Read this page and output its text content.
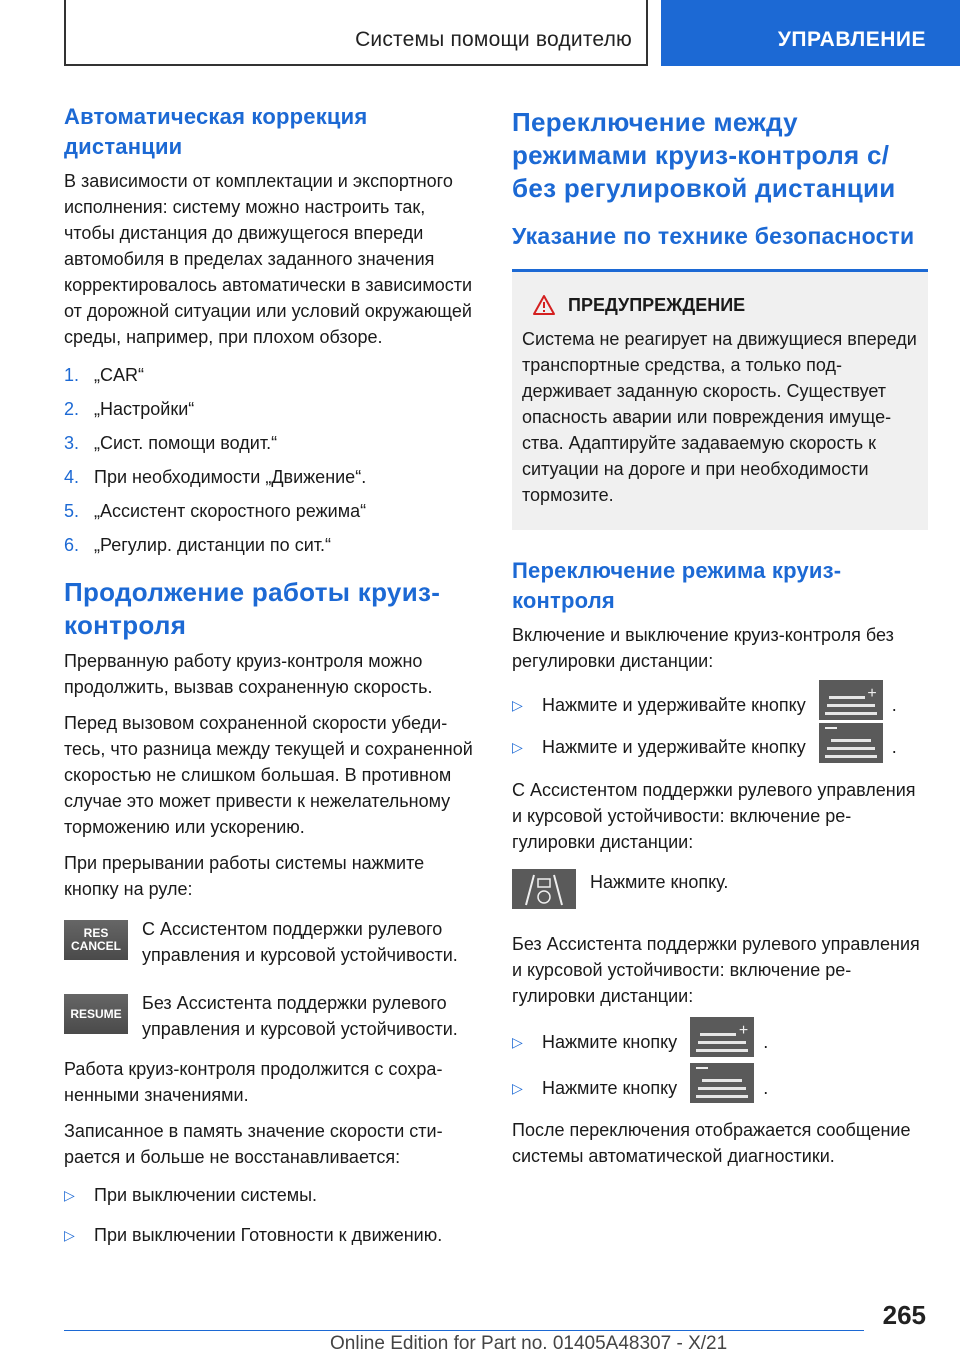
Системы помощи водителю	УПРАВЛЕНИЕ
Автоматическая коррекция дистанции
В зависимости от комплектации и экспортного исполнения: систему можно настроить так, чтобы дистанция до движущегося впереди автомобиля в пределах заданного значения корректировалось автоматически в зависимости от дорожной ситуации или условий окружающей среды, например, при плохом обзоре.
1. „CAR“
2. „Настройки“
3. „Сист. помощи водит.“
4. При необходимости „Движение“.
5. „Ассистент скоростного режима“
6. „Регулир. дистанции по сит.“
Продолжение работы круиз-контроля
Прерванную работу круиз-контроля можно продолжить, вызвав сохраненную скорость.
Перед вызовом сохраненной скорости убедитесь, что разница между текущей и сохраненной скоростью не слишком большая. В противном случае это может привести к нежелательному торможению или ускорению.
При прерывании работы системы нажмите кнопку на руле:
RES
CANCEL
С Ассистентом поддержки рулевого управления и курсовой устойчивости.
RESUME
Без Ассистента поддержки рулевого управления и курсовой устойчивости.
Работа круиз-контроля продолжится с сохраненными значениями.
Записанное в память значение скорости стирается и больше не восстанавливается:
▷ При выключении системы.
▷ При выключении Готовности к движению.
Переключение между режимами круиз-контроля с/без регулировкой дистанции
Указание по технике безопасности
ПРЕДУПРЕЖДЕНИЕ
Система не реагирует на движущиеся впереди транспортные средства, а только поддерживает заданную скорость. Существует опасность аварии или повреждения имущества. Адаптируйте задаваемую скорость к ситуации на дороге и при необходимости тормозите.
Переключение режима круиз-контроля
Включение и выключение круиз-контроля без регулировки дистанции:
▷ Нажмите и удерживайте кнопку
+
.
▷ Нажмите и удерживайте кнопку	.
С Ассистентом поддержки рулевого управления и курсовой устойчивости: включение регулировки дистанции:
Нажмите кнопку.
Без Ассистента поддержки рулевого управления и курсовой устойчивости: включение регулировки дистанции:
▷ Нажмите кнопку
+
.
▷ Нажмите кнопку	.
После переключения отображается сообщение системы автоматической диагностики.
265
Online Edition for Part no. 01405A48307 - X/21
